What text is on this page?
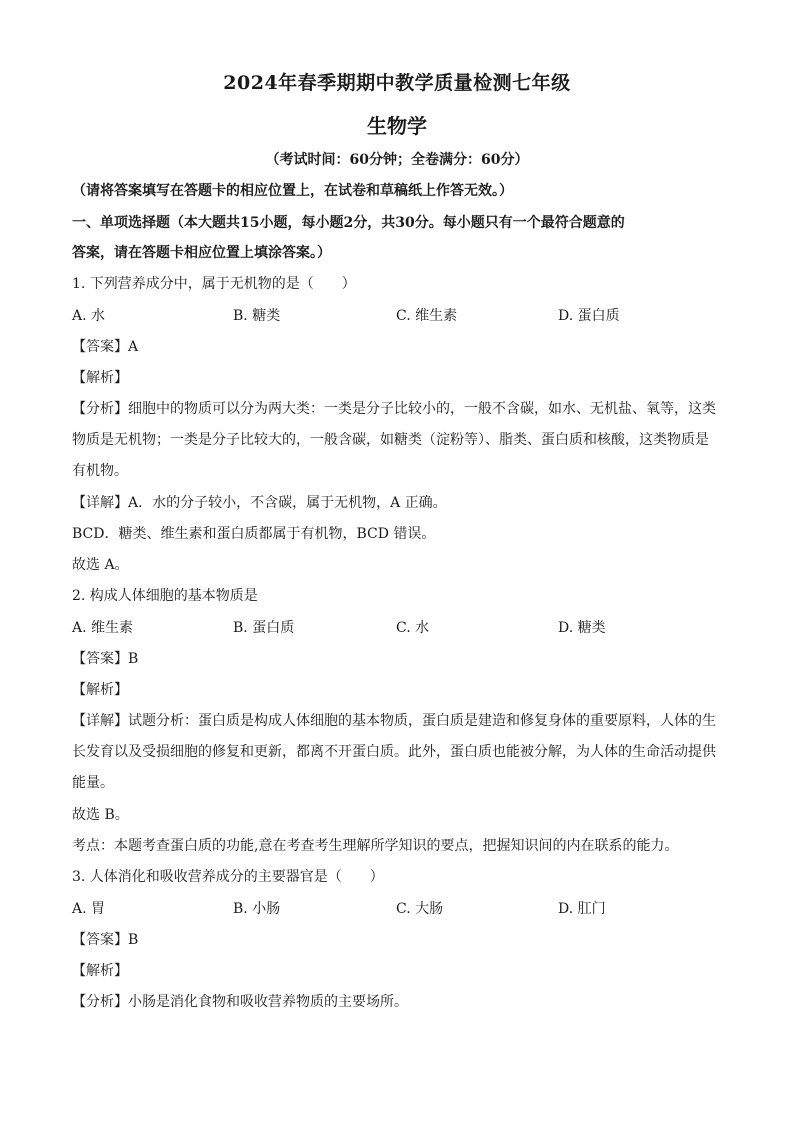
2024年春季期期中教学质量检测七年级
生物学
（考试时间：60分钟；全卷满分：60分）
（请将答案填写在答题卡的相应位置上，在试卷和草稿纸上作答无效。）
一、单项选择题（本大题共15小题，每小题2分，共30分。每小题只有一个最符合题意的
答案，请在答题卡相应位置上填涂答案。）
1. 下列营养成分中，属于无机物的是（　　）
A. 水	B. 糖类	C. 维生素	D. 蛋白质
【答案】A
【解析】
【分析】细胞中的物质可以分为两大类：一类是分子比较小的，一般不含碳，如水、无机盐、氧等，这类
物质是无机物；一类是分子比较大的，一般含碳，如糖类（淀粉等）、脂类、蛋白质和核酸，这类物质是
有机物。
【详解】A．水的分子较小，不含碳，属于无机物，A 正确。
BCD．糖类、维生素和蛋白质都属于有机物，BCD 错误。
故选 A。
2. 构成人体细胞的基本物质是
A. 维生素	B. 蛋白质	C. 水	D. 糖类
【答案】B
【解析】
【详解】试题分析：蛋白质是构成人体细胞的基本物质，蛋白质是建造和修复身体的重要原料，人体的生
长发育以及受损细胞的修复和更新，都离不开蛋白质。此外，蛋白质也能被分解，为人体的生命活动提供
能量。
故选 B。
考点：本题考查蛋白质的功能,意在考查考生理解所学知识的要点，把握知识间的内在联系的能力。
3. 人体消化和吸收营养成分的主要器官是（　　）
A. 胃	B. 小肠	C. 大肠	D. 肛门
【答案】B
【解析】
【分析】小肠是消化食物和吸收营养物质的主要场所。
